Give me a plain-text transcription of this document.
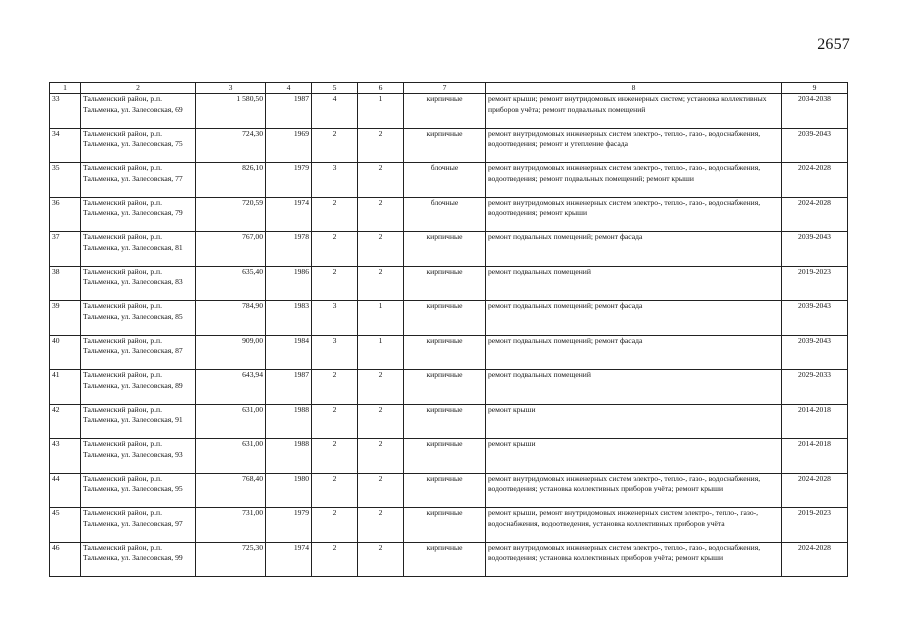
2657
1	2	3	4	5	6	7	8	9
33	Тальменский район, р.п. Тальменка, ул. Залесовская, 69	1 580,50	1987	4	1	кирпичные	ремонт крыши; ремонт внутридомовых инженерных систем; установка коллективных приборов учёта; ремонт подвальных помещений	2034-2038
34	Тальменский район, р.п. Тальменка, ул. Залесовская, 75	724,30	1969	2	2	кирпичные	ремонт внутридомовых инженерных систем электро-, тепло-, газо-, водоснабжения, водоотведения; ремонт и утепление фасада	2039-2043
35	Тальменский район, р.п. Тальменка, ул. Залесовская, 77	826,10	1979	3	2	блочные	ремонт внутридомовых инженерных систем электро-, тепло-, газо-, водоснабжения, водоотведения; ремонт подвальных помещений; ремонт крыши	2024-2028
36	Тальменский район, р.п. Тальменка, ул. Залесовская, 79	720,59	1974	2	2	блочные	ремонт внутридомовых инженерных систем электро-, тепло-, газо-, водоснабжения, водоотведения; ремонт крыши	2024-2028
37	Тальменский район, р.п. Тальменка, ул. Залесовская, 81	767,00	1978	2	2	кирпичные	ремонт подвальных помещений; ремонт фасада	2039-2043
38	Тальменский район, р.п. Тальменка, ул. Залесовская, 83	635,40	1986	2	2	кирпичные	ремонт подвальных помещений	2019-2023
39	Тальменский район, р.п. Тальменка, ул. Залесовская, 85	784,90	1983	3	1	кирпичные	ремонт подвальных помещений; ремонт фасада	2039-2043
40	Тальменский район, р.п. Тальменка, ул. Залесовская, 87	909,00	1984	3	1	кирпичные	ремонт подвальных помещений; ремонт фасада	2039-2043
41	Тальменский район, р.п. Тальменка, ул. Залесовская, 89	643,94	1987	2	2	кирпичные	ремонт подвальных помещений	2029-2033
42	Тальменский район, р.п. Тальменка, ул. Залесовская, 91	631,00	1988	2	2	кирпичные	ремонт крыши	2014-2018
43	Тальменский район, р.п. Тальменка, ул. Залесовская, 93	631,00	1988	2	2	кирпичные	ремонт крыши	2014-2018
44	Тальменский район, р.п. Тальменка, ул. Залесовская, 95	768,40	1980	2	2	кирпичные	ремонт внутридомовых инженерных систем электро-, тепло-, газо-, водоснабжения, водоотведения; установка коллективных приборов учёта; ремонт крыши	2024-2028
45	Тальменский район, р.п. Тальменка, ул. Залесовская, 97	731,00	1979	2	2	кирпичные	ремонт крыши, ремонт внутридомовых инженерных систем электро-, тепло-, газо-, водоснабжения, водоотведения, установка коллективных приборов учёта	2019-2023
46	Тальменский район, р.п. Тальменка, ул. Залесовская, 99	725,30	1974	2	2	кирпичные	ремонт внутридомовых инженерных систем электро-, тепло-, газо-, водоснабжения, водоотведения; установка коллективных приборов учёта; ремонт крыши	2024-2028
